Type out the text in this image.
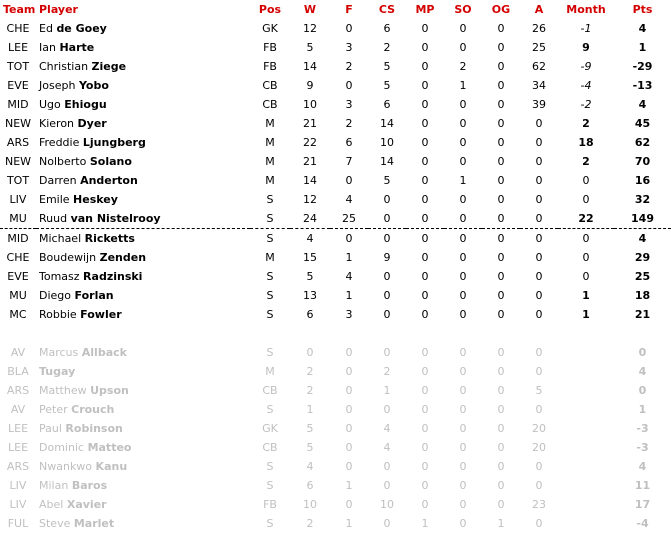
Team	Player	Pos	W	F	CS	MP	SO	OG	A	Month	Pts
CHE	Ed de Goey	GK	12	0	6	0	0	0	26	-1	4
LEE	Ian Harte	FB	5	3	2	0	0	0	25	9	1
TOT	Christian Ziege	FB	14	2	5	0	2	0	62	-9	-29
EVE	Joseph Yobo	CB	9	0	5	0	1	0	34	-4	-13
MID	Ugo Ehiogu	CB	10	3	6	0	0	0	39	-2	4
NEW	Kieron Dyer	M	21	2	14	0	0	0	0	2	45
ARS	Freddie Ljungberg	M	22	6	10	0	0	0	0	18	62
NEW	Nolberto Solano	M	21	7	14	0	0	0	0	2	70
TOT	Darren Anderton	M	14	0	5	0	1	0	0	0	16
LIV	Emile Heskey	S	12	4	0	0	0	0	0	0	32
MU	Ruud van Nistelrooy	S	24	25	0	0	0	0	0	22	149
MID	Michael Ricketts	S	4	0	0	0	0	0	0	0	4
CHE	Boudewijn Zenden	M	15	1	9	0	0	0	0	0	29
EVE	Tomasz Radzinski	S	5	4	0	0	0	0	0	0	25
MU	Diego Forlan	S	13	1	0	0	0	0	0	1	18
MC	Robbie Fowler	S	6	3	0	0	0	0	0	1	21

AV	Marcus Allback	S	0	0	0	0	0	0	0		0
BLA	Tugay	M	2	0	2	0	0	0	0		4
ARS	Matthew Upson	CB	2	0	1	0	0	0	5		0
AV	Peter Crouch	S	1	0	0	0	0	0	0		1
LEE	Paul Robinson	GK	5	0	4	0	0	0	20		-3
LEE	Dominic Matteo	CB	5	0	4	0	0	0	20		-3
ARS	Nwankwo Kanu	S	4	0	0	0	0	0	0		4
LIV	Milan Baros	S	6	1	0	0	0	0	0		11
LIV	Abel Xavier	FB	10	0	10	0	0	0	23		17
FUL	Steve Marlet	S	2	1	0	1	0	1	0		-4
